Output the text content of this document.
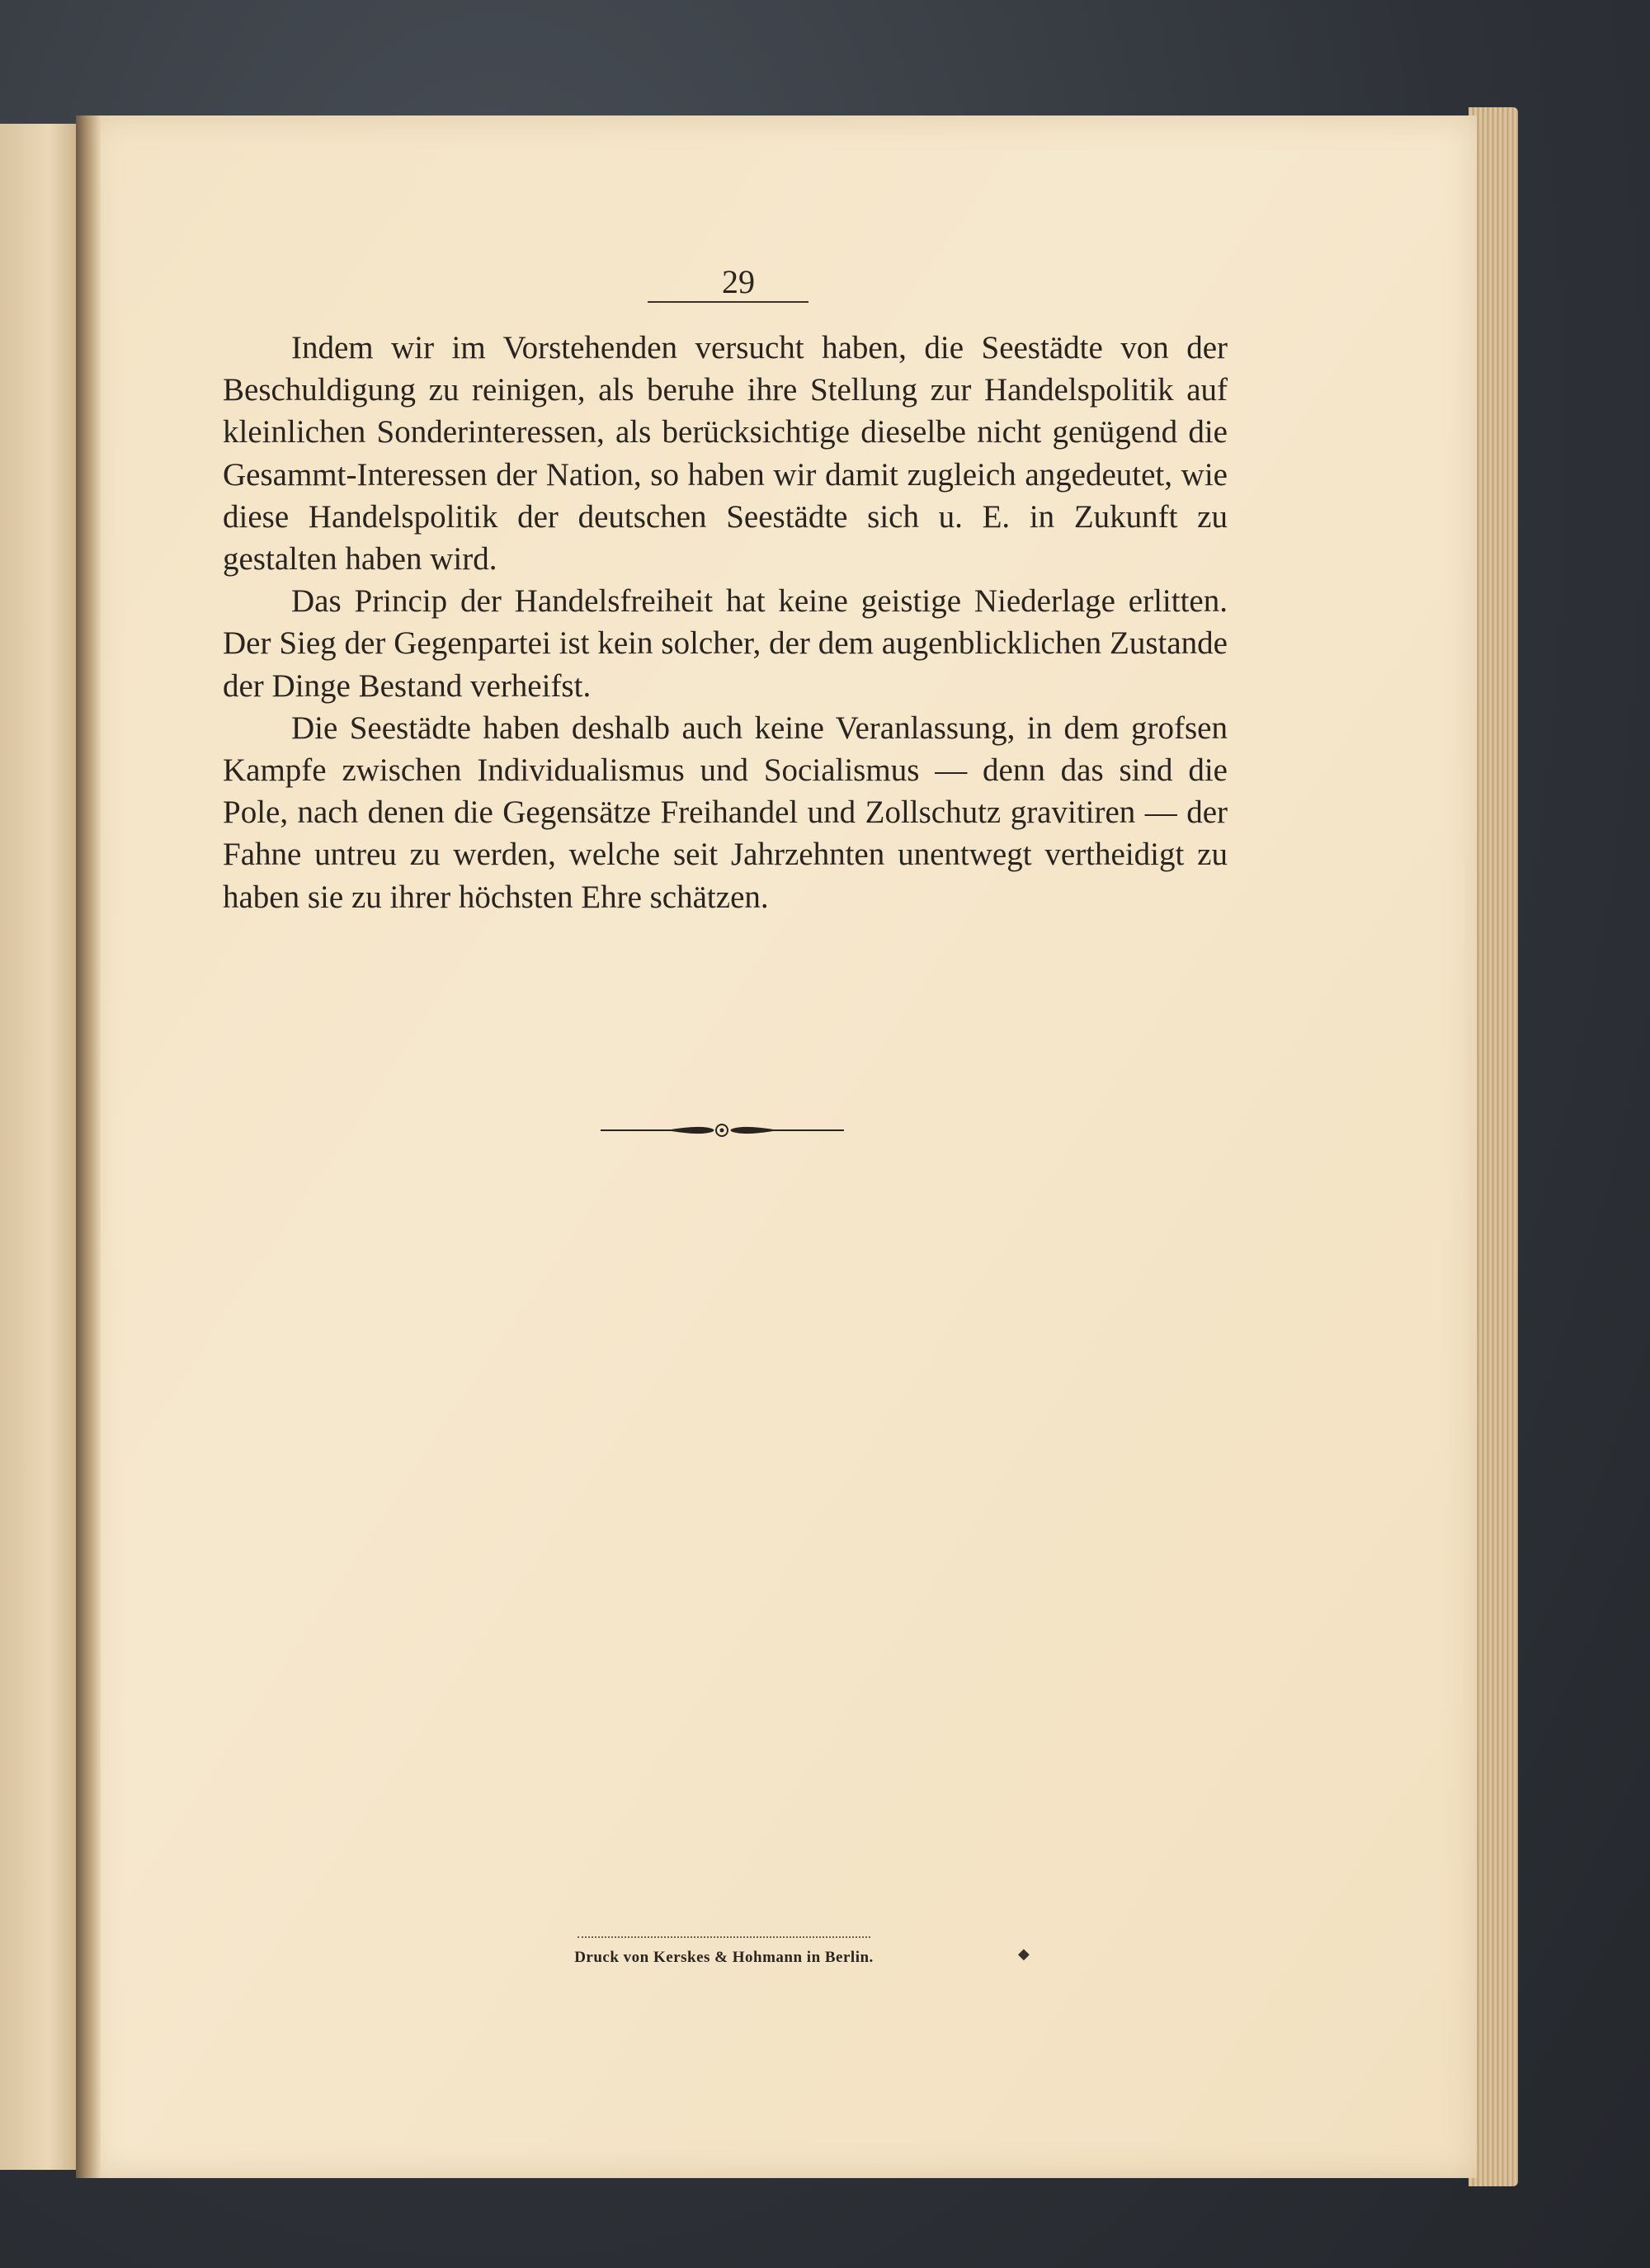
29

Indem wir im Vorstehenden versucht haben, die Seestädte von der Beschuldigung zu reinigen, als beruhe ihre Stellung zur Handelspolitik auf kleinlichen Sonderinteressen, als berücksichtige dieselbe nicht genügend die Gesammt-Interessen der Nation, so haben wir damit zugleich angedeutet, wie diese Handelspolitik der deutschen Seestädte sich u. E. in Zukunft zu gestalten haben wird.

Das Princip der Handelsfreiheit hat keine geistige Niederlage erlitten. Der Sieg der Gegenpartei ist kein solcher, der dem augenblicklichen Zustande der Dinge Bestand verheifst.

Die Seestädte haben deshalb auch keine Veranlassung, in dem grofsen Kampfe zwischen Individualismus und Socialismus — denn das sind die Pole, nach denen die Gegensätze Freihandel und Zollschutz gravitiren — der Fahne untreu zu werden, welche seit Jahrzehnten unentwegt vertheidigt zu haben sie zu ihrer höchsten Ehre schätzen.

Druck von Kerskes & Hohmann in Berlin.	◆
